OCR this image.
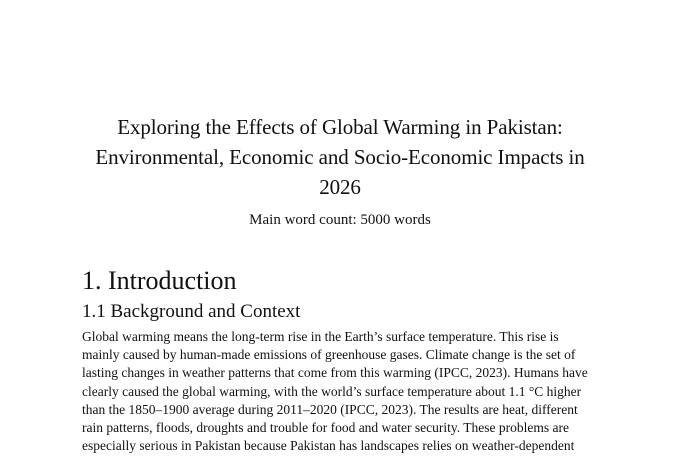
Exploring the Effects of Global Warming in Pakistan:
Environmental, Economic and Socio-Economic Impacts in
2026
Main word count: 5000 words
1. Introduction
1.1 Background and Context
Global warming means the long-term rise in the Earth’s surface temperature. This rise is
mainly caused by human-made emissions of greenhouse gases. Climate change is the set of
lasting changes in weather patterns that come from this warming (IPCC, 2023). Humans have
clearly caused the global warming, with the world’s surface temperature about 1.1 °C higher
than the 1850–1900 average during 2011–2020 (IPCC, 2023). The results are heat, different
rain patterns, floods, droughts and trouble for food and water security. These problems are
especially serious in Pakistan because Pakistan has landscapes relies on weather-dependent
